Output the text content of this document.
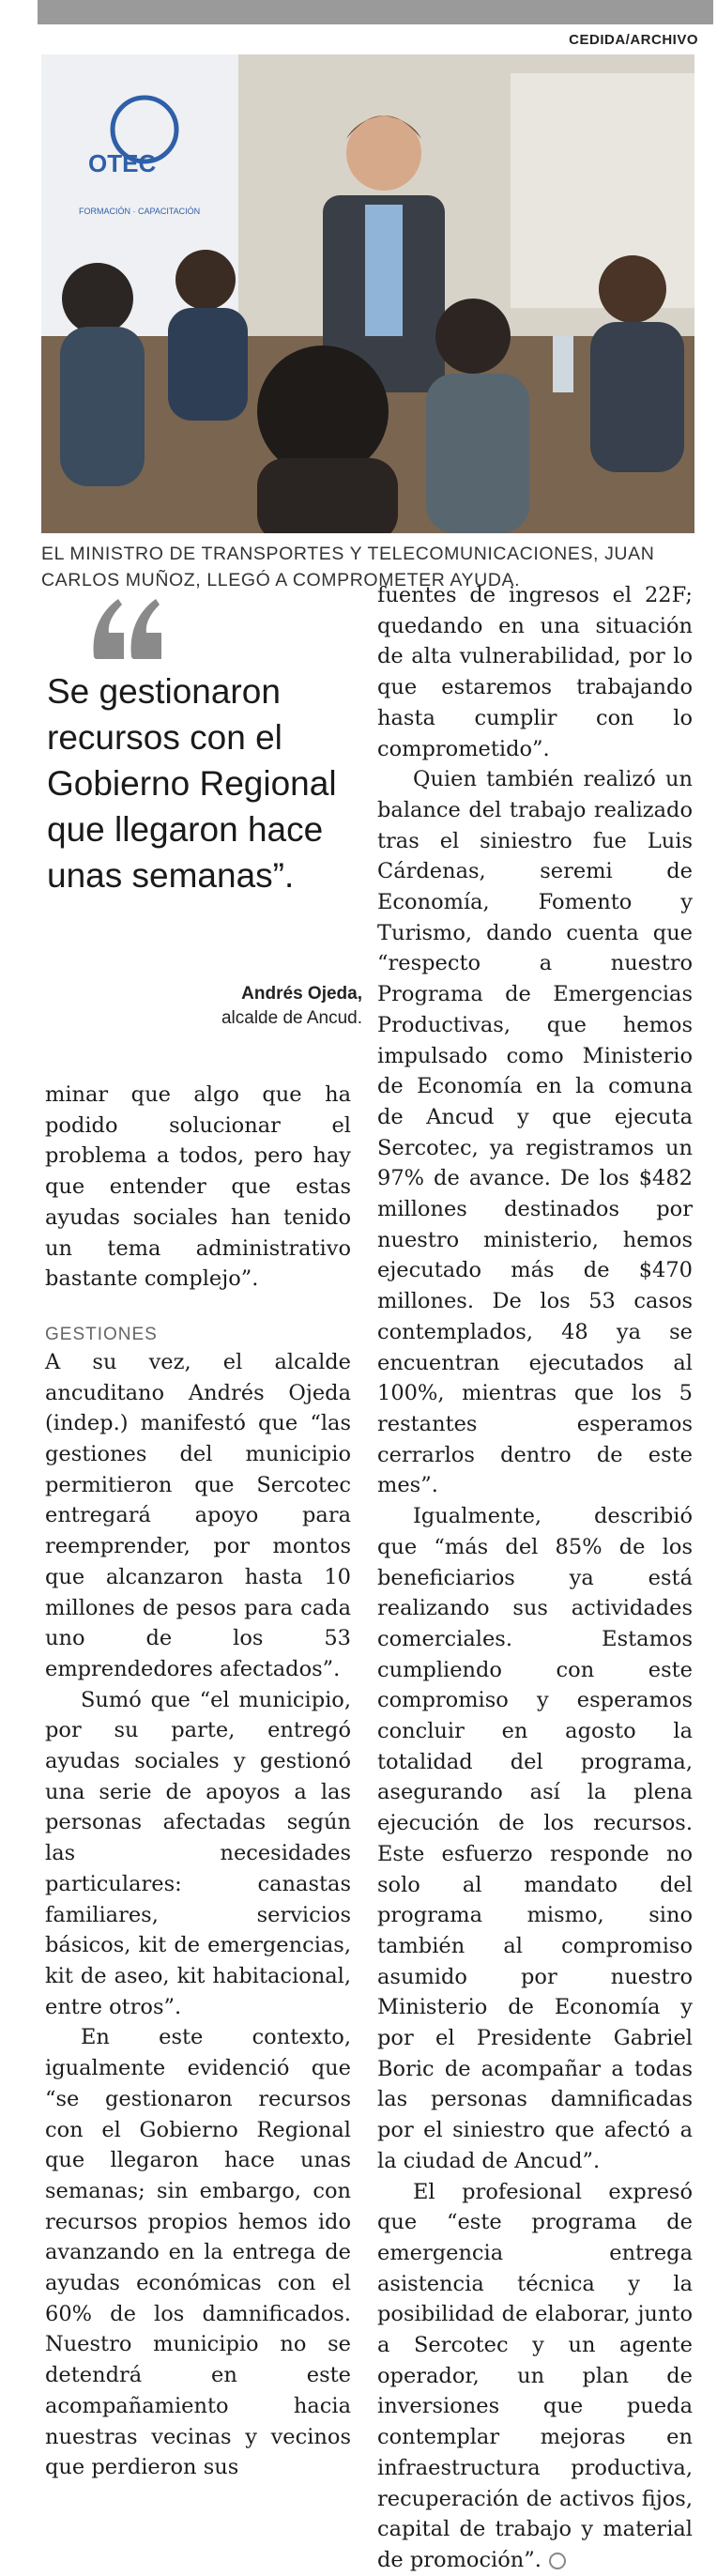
CEDIDA/ARCHIVO
OTEC
FORMACIÓN · CAPACITACIÓN
EL MINISTRO DE TRANSPORTES Y TELECOMUNICACIONES, JUAN CARLOS MUÑOZ, LLEGÓ A COMPROMETER AYUDA.
Se gestionaron recursos con el Gobierno Regional que llegaron hace unas semanas”.
Andrés Ojeda,
alcalde de Ancud.

minar que algo que ha podido solucionar el problema a todos, pero hay que entender que estas ayudas sociales han tenido un tema administrativo bastante complejo”.

GESTIONES

A su vez, el alcalde ancuditano Andrés Ojeda (indep.) manifestó que “las gestiones del municipio permitieron que Sercotec entregará apoyo para reemprender, por montos que alcanzaron hasta 10 millones de pesos para cada uno de los 53 emprendedores afectados”.

Sumó que “el municipio, por su parte, entregó ayudas sociales y gestionó una serie de apoyos a las personas afectadas según las necesidades particulares: canastas familiares, servicios básicos, kit de emergencias, kit de aseo, kit habitacional, entre otros”.

En este contexto, igualmente evidenció que “se gestionaron recursos con el Gobierno Regional que llegaron hace unas semanas; sin embargo, con recursos propios hemos ido avanzando en la entrega de ayudas económicas con el 60% de los damnificados. Nuestro municipio no se detendrá en este acompañamiento hacia nuestras vecinas y vecinos que perdieron sus

fuentes de ingresos el 22F; quedando en una situación de alta vulnerabilidad, por lo que estaremos trabajando hasta cumplir con lo comprometido”.

Quien también realizó un balance del trabajo realizado tras el siniestro fue Luis Cárdenas, seremi de Economía, Fomento y Turismo, dando cuenta que “respecto a nuestro Programa de Emergencias Productivas, que hemos impulsado como Ministerio de Economía en la comuna de Ancud y que ejecuta Sercotec, ya registramos un 97% de avance. De los $482 millones destinados por nuestro ministerio, hemos ejecutado más de $470 millones. De los 53 casos contemplados, 48 ya se encuentran ejecutados al 100%, mientras que los 5 restantes esperamos cerrarlos dentro de este mes”.

Igualmente, describió que “más del 85% de los beneficiarios ya está realizando sus actividades comerciales. Estamos cumpliendo con este compromiso y esperamos concluir en agosto la totalidad del programa, asegurando así la plena ejecución de los recursos. Este esfuerzo responde no solo al mandato del programa mismo, sino también al compromiso asumido por nuestro Ministerio de Economía y por el Presidente Gabriel Boric de acompañar a todas las personas damnificadas por el siniestro que afectó a la ciudad de Ancud”.

El profesional expresó que “este programa de emergencia entrega asistencia técnica y la posibilidad de elaborar, junto a Sercotec y un agente operador, un plan de inversiones que pueda contemplar mejoras en infraestructura productiva, recuperación de activos fijos, capital de trabajo y material de promoción”.
